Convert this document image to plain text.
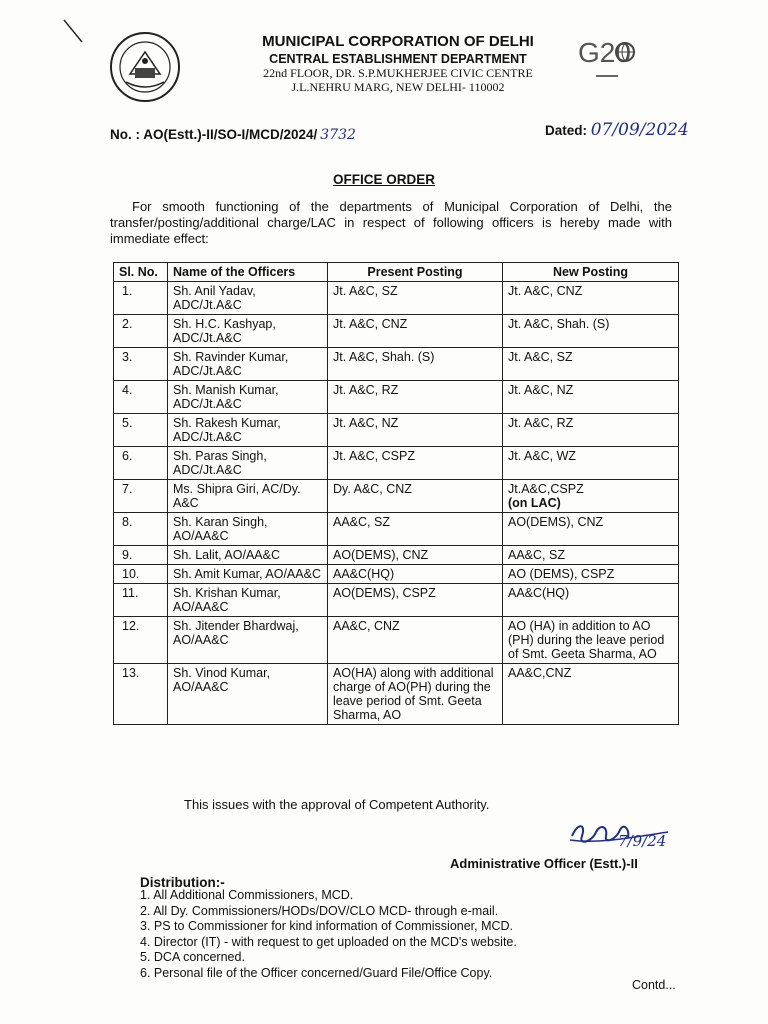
MUNICIPAL CORPORATION OF DELHI
CENTRAL ESTABLISHMENT DEPARTMENT
22nd FLOOR, DR. S.P.MUKHERJEE CIVIC CENTRE
J.L.NEHRU MARG, NEW DELHI- 110002
G20
No. : AO(Estt.)-II/SO-I/MCD/2024/ 3732	Dated: 07/09/2024
OFFICE ORDER
For smooth functioning of the departments of Municipal Corporation of Delhi, the transfer/posting/additional charge/LAC in respect of following officers is hereby made with immediate effect:
Sl. No.	Name of the Officers	Present Posting	New Posting
1.	Sh. Anil Yadav, ADC/Jt.A&C	Jt. A&C, SZ	Jt. A&C, CNZ
2.	Sh. H.C. Kashyap, ADC/Jt.A&C	Jt. A&C, CNZ	Jt. A&C, Shah. (S)
3.	Sh. Ravinder Kumar, ADC/Jt.A&C	Jt. A&C, Shah. (S)	Jt. A&C, SZ
4.	Sh. Manish Kumar, ADC/Jt.A&C	Jt. A&C, RZ	Jt. A&C, NZ
5.	Sh. Rakesh Kumar, ADC/Jt.A&C	Jt. A&C, NZ	Jt. A&C, RZ
6.	Sh. Paras Singh, ADC/Jt.A&C	Jt. A&C, CSPZ	Jt. A&C, WZ
7.	Ms. Shipra Giri, AC/Dy. A&C	Dy. A&C, CNZ	Jt.A&C,CSPZ
(on LAC)

8.	Sh. Karan Singh, AO/AA&C	AA&C, SZ	AO(DEMS), CNZ
9.	Sh. Lalit, AO/AA&C	AO(DEMS), CNZ	AA&C, SZ
10.	Sh. Amit Kumar, AO/AA&C	AA&C(HQ)	AO (DEMS), CSPZ
11.	Sh. Krishan Kumar, AO/AA&C	AO(DEMS), CSPZ	AA&C(HQ)
12.	Sh. Jitender Bhardwaj, AO/AA&C	AA&C, CNZ	AO (HA) in addition to AO (PH) during the leave period of Smt. Geeta Sharma, AO
13.	Sh. Vinod Kumar, AO/AA&C	AO(HA) along with additional charge of AO(PH) during the leave period of Smt. Geeta Sharma, AO	AA&C,CNZ
This issues with the approval of Competent Authority.
7/9/24
Administrative Officer (Estt.)-II
Distribution:-
1. All Additional Commissioners, MCD.
2. All Dy. Commissioners/HODs/DOV/CLO MCD- through e-mail.
3. PS to Commissioner for kind information of Commissioner, MCD.
4. Director (IT) - with request to get uploaded on the MCD's website.
5. DCA concerned.
6. Personal file of the Officer concerned/Guard File/Office Copy.
Contd...
